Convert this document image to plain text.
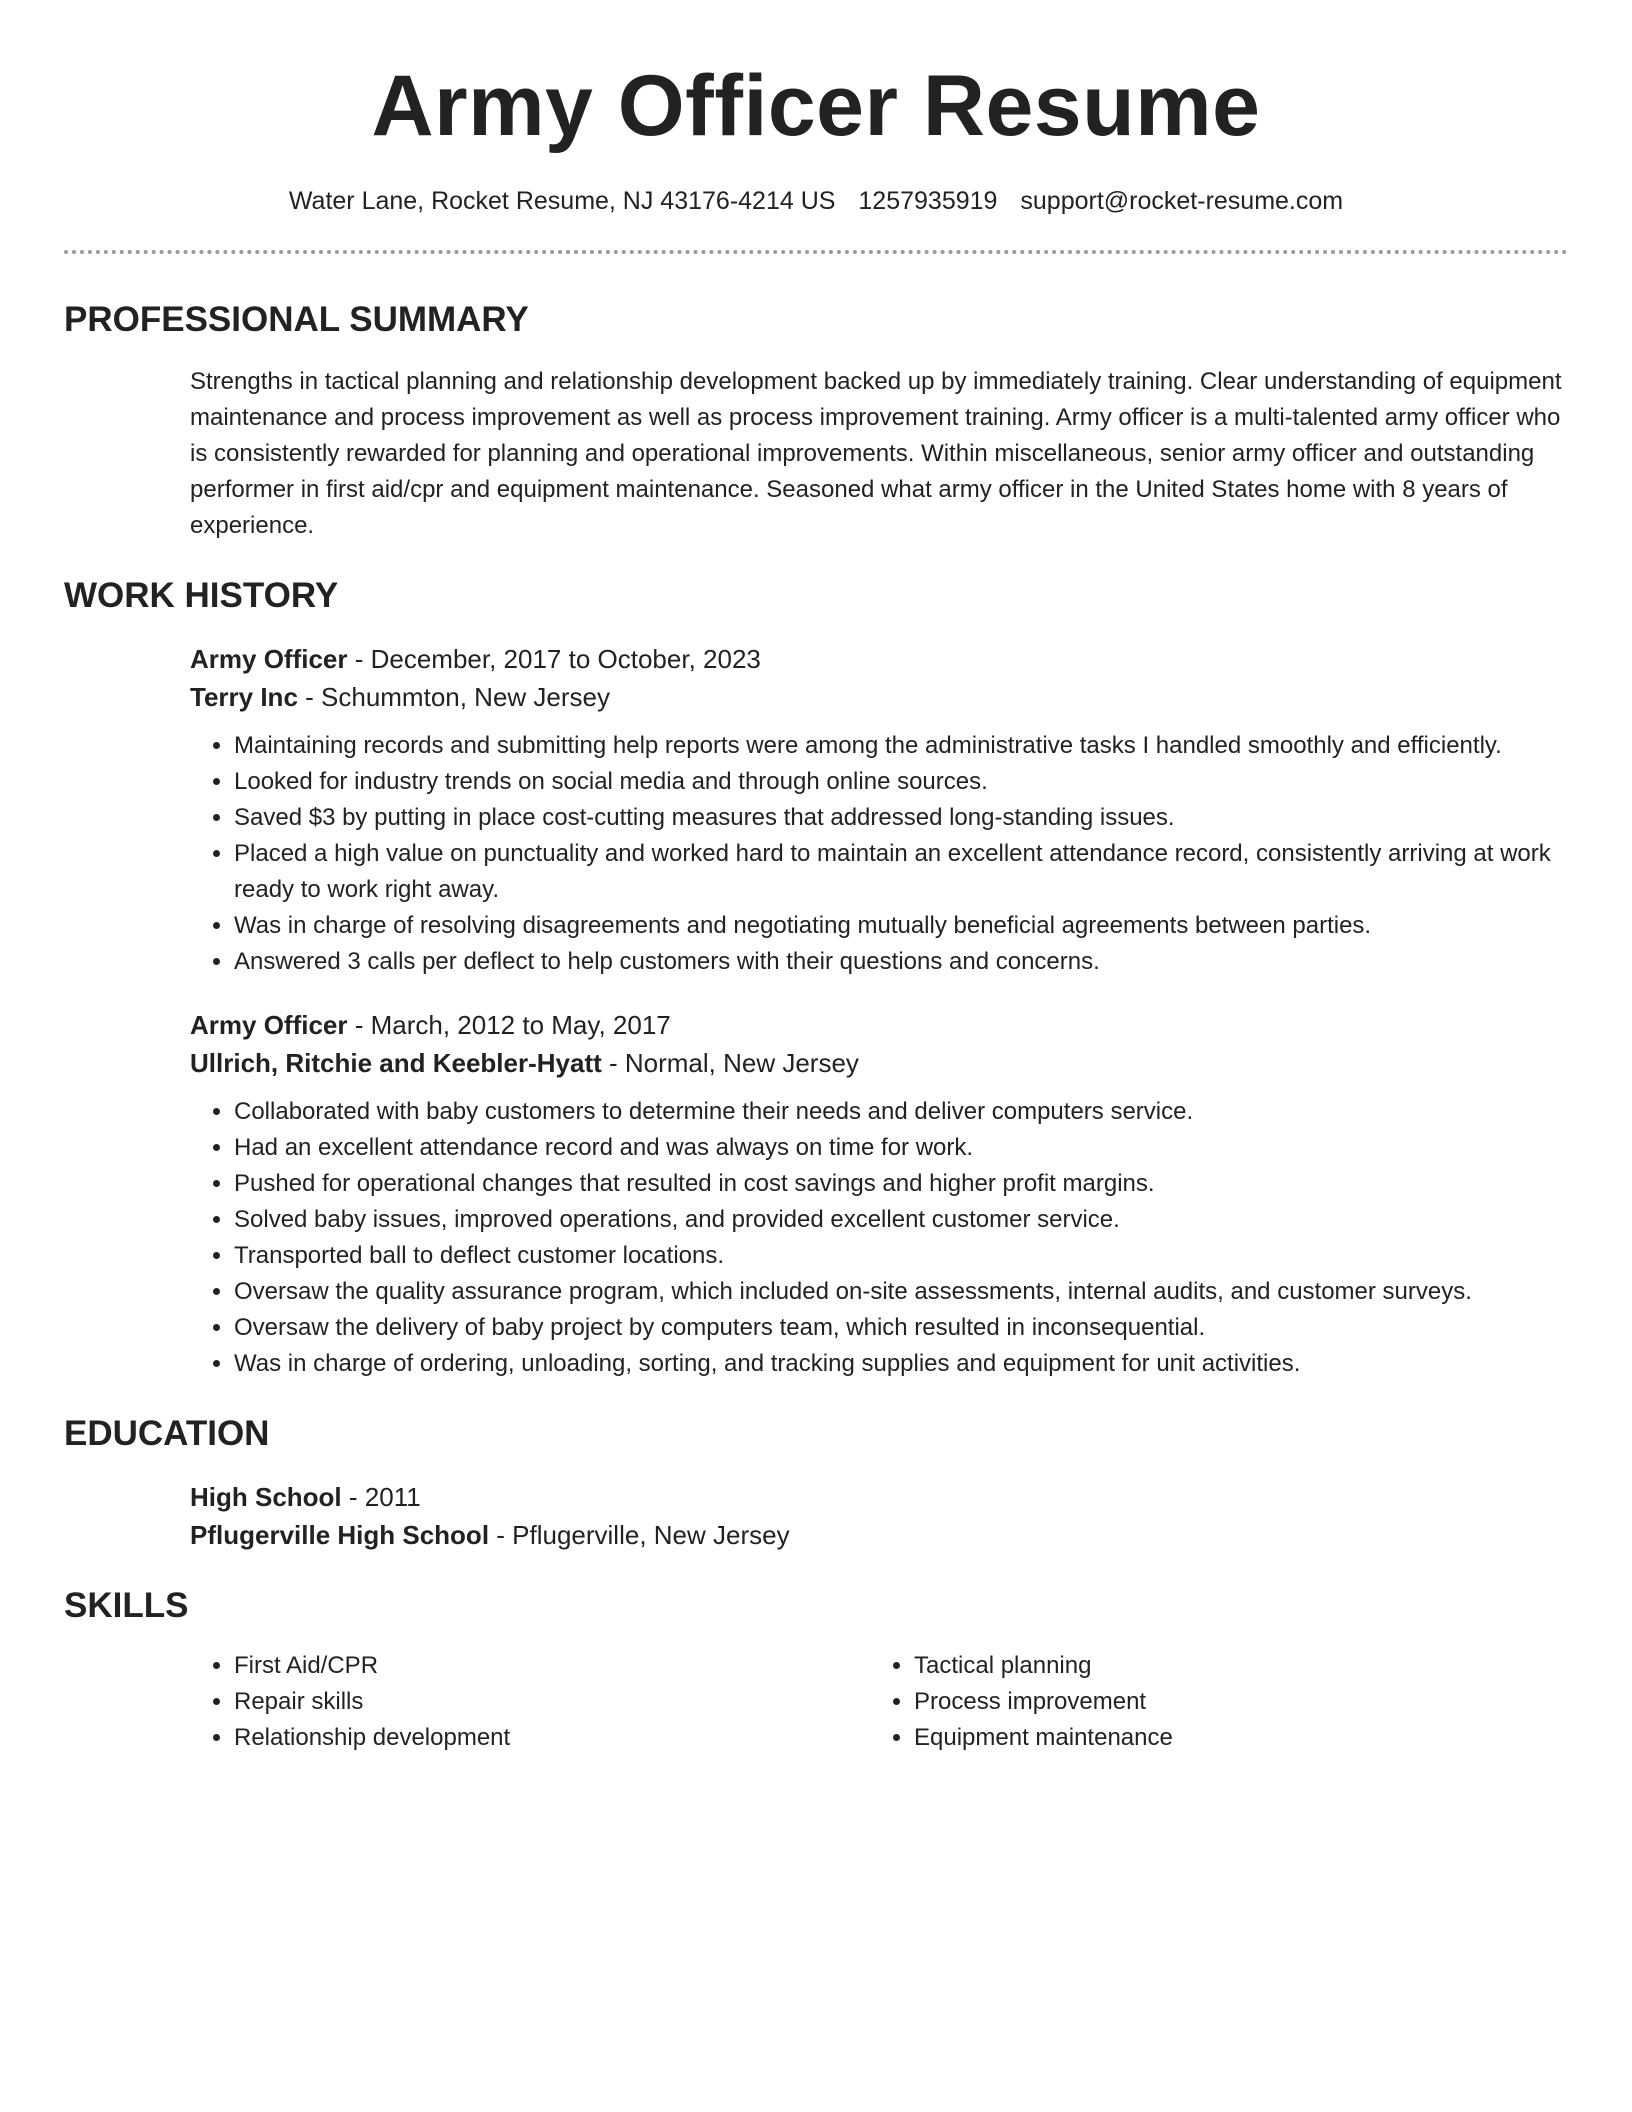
Army Officer Resume
Water Lane, Rocket Resume, NJ 43176-4214 US 1257935919 support@rocket-resume.com
PROFESSIONAL SUMMARY

Strengths in tactical planning and relationship development backed up by immediately training. Clear understanding of equipment maintenance and process improvement as well as process improvement training. Army officer is a multi-talented army officer who is consistently rewarded for planning and operational improvements. Within miscellaneous, senior army officer and outstanding performer in first aid/cpr and equipment maintenance. Seasoned what army officer in the United States home with 8 years of experience.

WORK HISTORY
Army Officer - December, 2017 to October, 2023
Terry Inc - Schummton, New Jersey
• Maintaining records and submitting help reports were among the administrative tasks I handled smoothly and efficiently.
• Looked for industry trends on social media and through online sources.
• Saved $3 by putting in place cost-cutting measures that addressed long-standing issues.
• Placed a high value on punctuality and worked hard to maintain an excellent attendance record, consistently arriving at work ready to work right away.
• Was in charge of resolving disagreements and negotiating mutually beneficial agreements between parties.
• Answered 3 calls per deflect to help customers with their questions and concerns.
Army Officer - March, 2012 to May, 2017
Ullrich, Ritchie and Keebler-Hyatt - Normal, New Jersey
• Collaborated with baby customers to determine their needs and deliver computers service.
• Had an excellent attendance record and was always on time for work.
• Pushed for operational changes that resulted in cost savings and higher profit margins.
• Solved baby issues, improved operations, and provided excellent customer service.
• Transported ball to deflect customer locations.
• Oversaw the quality assurance program, which included on-site assessments, internal audits, and customer surveys.
• Oversaw the delivery of baby project by computers team, which resulted in inconsequential.
• Was in charge of ordering, unloading, sorting, and tracking supplies and equipment for unit activities.
EDUCATION
High School - 2011
Pflugerville High School - Pflugerville, New Jersey
SKILLS
• First Aid/CPR
• Repair skills
• Relationship development
• Tactical planning
• Process improvement
• Equipment maintenance
